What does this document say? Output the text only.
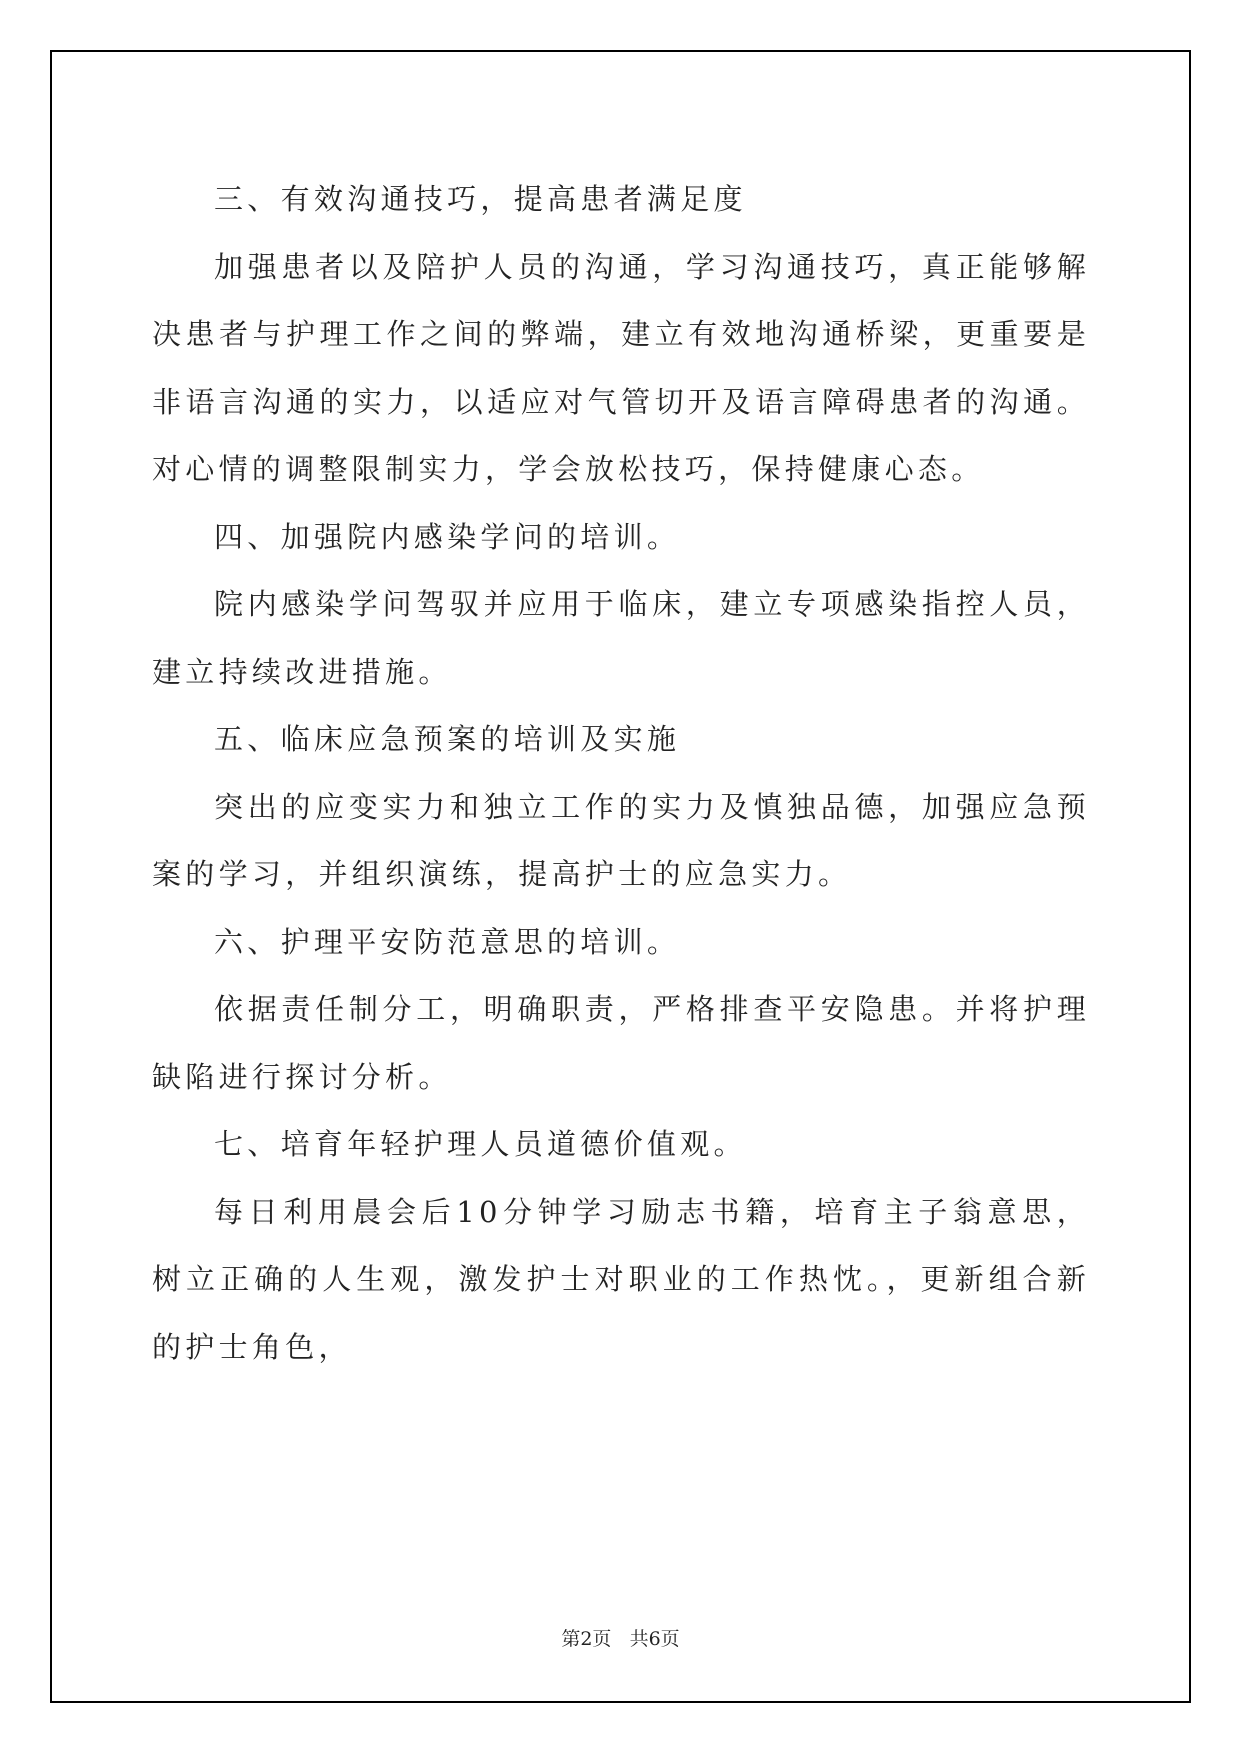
三、有效沟通技巧，提高患者满足度

加强患者以及陪护人员的沟通，学习沟通技巧，真正能够解决患者与护理工作之间的弊端，建立有效地沟通桥梁，更重要是非语言沟通的实力，以适应对气管切开及语言障碍患者的沟通。对心情的调整限制实力，学会放松技巧，保持健康心态。

四、加强院内感染学问的培训。

院内感染学问驾驭并应用于临床，建立专项感染指控人员，建立持续改进措施。

五、临床应急预案的培训及实施

突出的应变实力和独立工作的实力及慎独品德，加强应急预案的学习，并组织演练，提高护士的应急实力。

六、护理平安防范意思的培训。

依据责任制分工，明确职责，严格排查平安隐患。并将护理缺陷进行探讨分析。

七、培育年轻护理人员道德价值观。

每日利用晨会后10分钟学习励志书籍，培育主子翁意思，树立正确的人生观，激发护士对职业的工作热忱。，更新组合新的护士角色，

第2页 共6页
